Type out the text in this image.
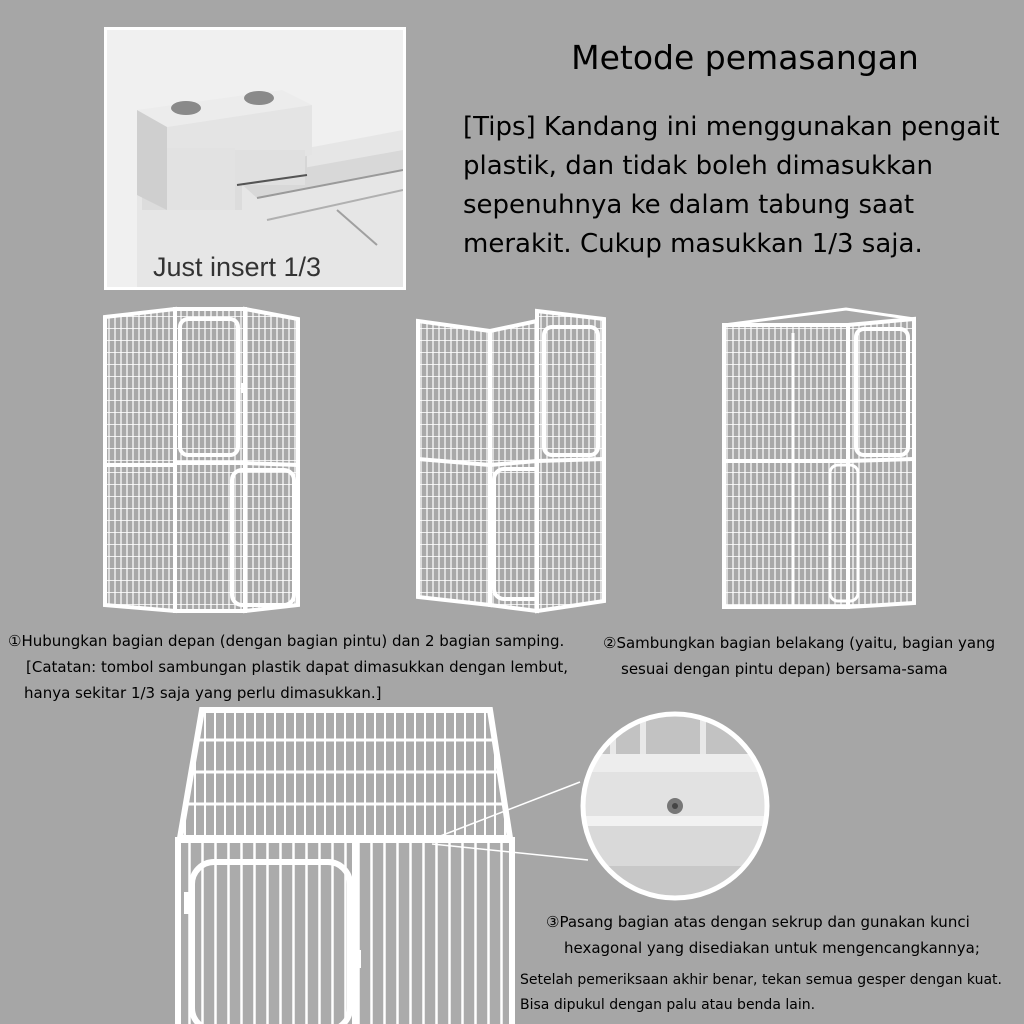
Metode pemasangan
[Tips] Kandang ini menggunakan pengait plastik, dan tidak boleh dimasukkan sepenuhnya ke dalam tabung saat merakit. Cukup masukkan 1/3 saja.
Just insert 1/3
①Hubungkan bagian depan (dengan bagian pintu) dan 2 bagian samping.
[Catatan: tombol sambungan plastik dapat dimasukkan dengan lembut,
hanya sekitar 1/3 saja yang perlu dimasukkan.]
②Sambungkan bagian belakang (yaitu, bagian yang
sesuai dengan pintu depan) bersama-sama
③Pasang bagian atas dengan sekrup dan gunakan kunci
hexagonal yang disediakan untuk mengencangkannya;
Setelah pemeriksaan akhir benar, tekan semua gesper dengan kuat.
Bisa dipukul dengan palu atau benda lain.
